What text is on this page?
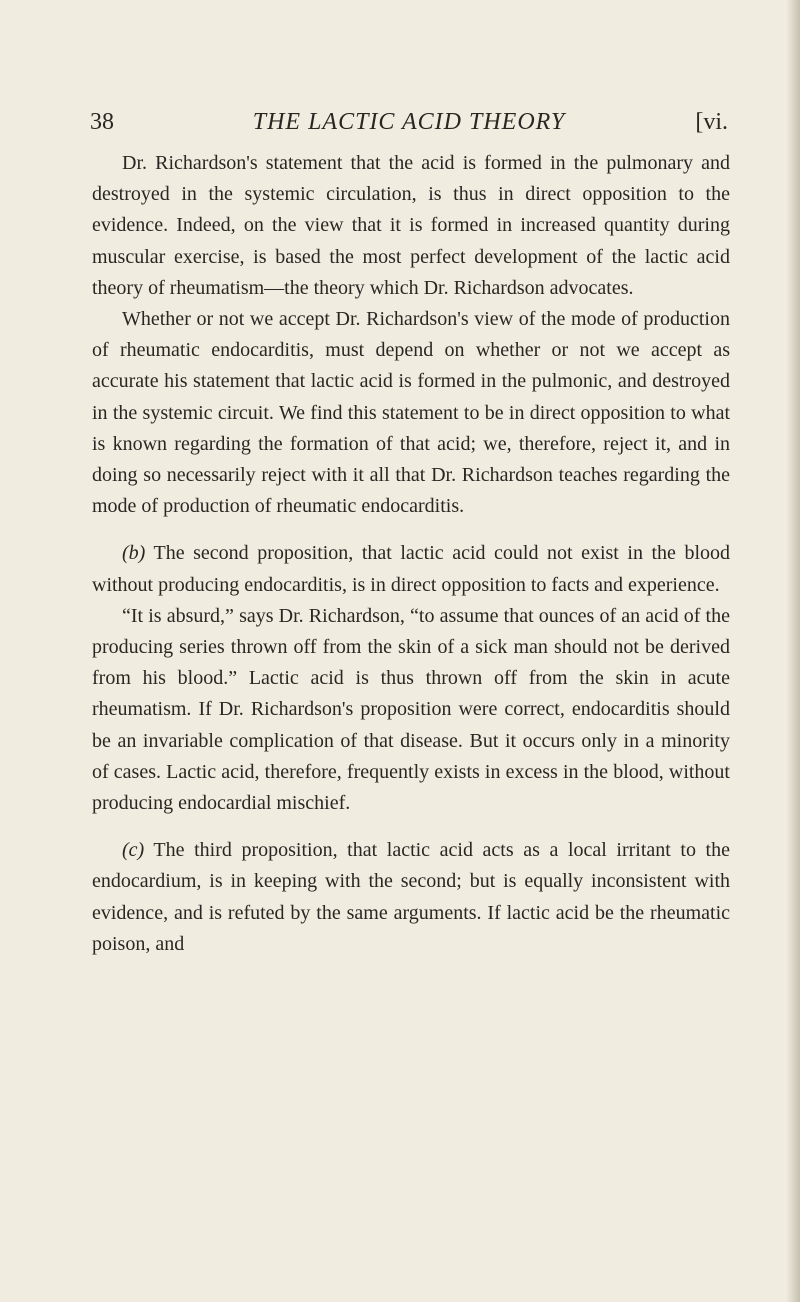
38	THE LACTIC ACID THEORY	[vi.

Dr. Richardson's statement that the acid is formed in the pulmonary and destroyed in the systemic circulation, is thus in direct opposition to the evidence. Indeed, on the view that it is formed in increased quantity during muscular exercise, is based the most perfect development of the lactic acid theory of rheumatism—the theory which Dr. Richardson advocates.

Whether or not we accept Dr. Richardson's view of the mode of production of rheumatic endocarditis, must depend on whether or not we accept as accurate his statement that lactic acid is formed in the pulmonic, and destroyed in the systemic circuit. We find this statement to be in direct opposition to what is known regarding the formation of that acid; we, therefore, reject it, and in doing so necessarily reject with it all that Dr. Richardson teaches regarding the mode of production of rheumatic endocarditis.

(b) The second proposition, that lactic acid could not exist in the blood without producing endocarditis, is in direct opposition to facts and experience.

“It is absurd,” says Dr. Richardson, “to assume that ounces of an acid of the producing series thrown off from the skin of a sick man should not be derived from his blood.” Lactic acid is thus thrown off from the skin in acute rheumatism. If Dr. Richardson's proposition were correct, endocarditis should be an invariable complication of that disease. But it occurs only in a minority of cases. Lactic acid, therefore, frequently exists in excess in the blood, without producing endocardial mischief.

(c) The third proposition, that lactic acid acts as a local irritant to the endocardium, is in keeping with the second; but is equally inconsistent with evidence, and is refuted by the same arguments. If lactic acid be the rheumatic poison, and
